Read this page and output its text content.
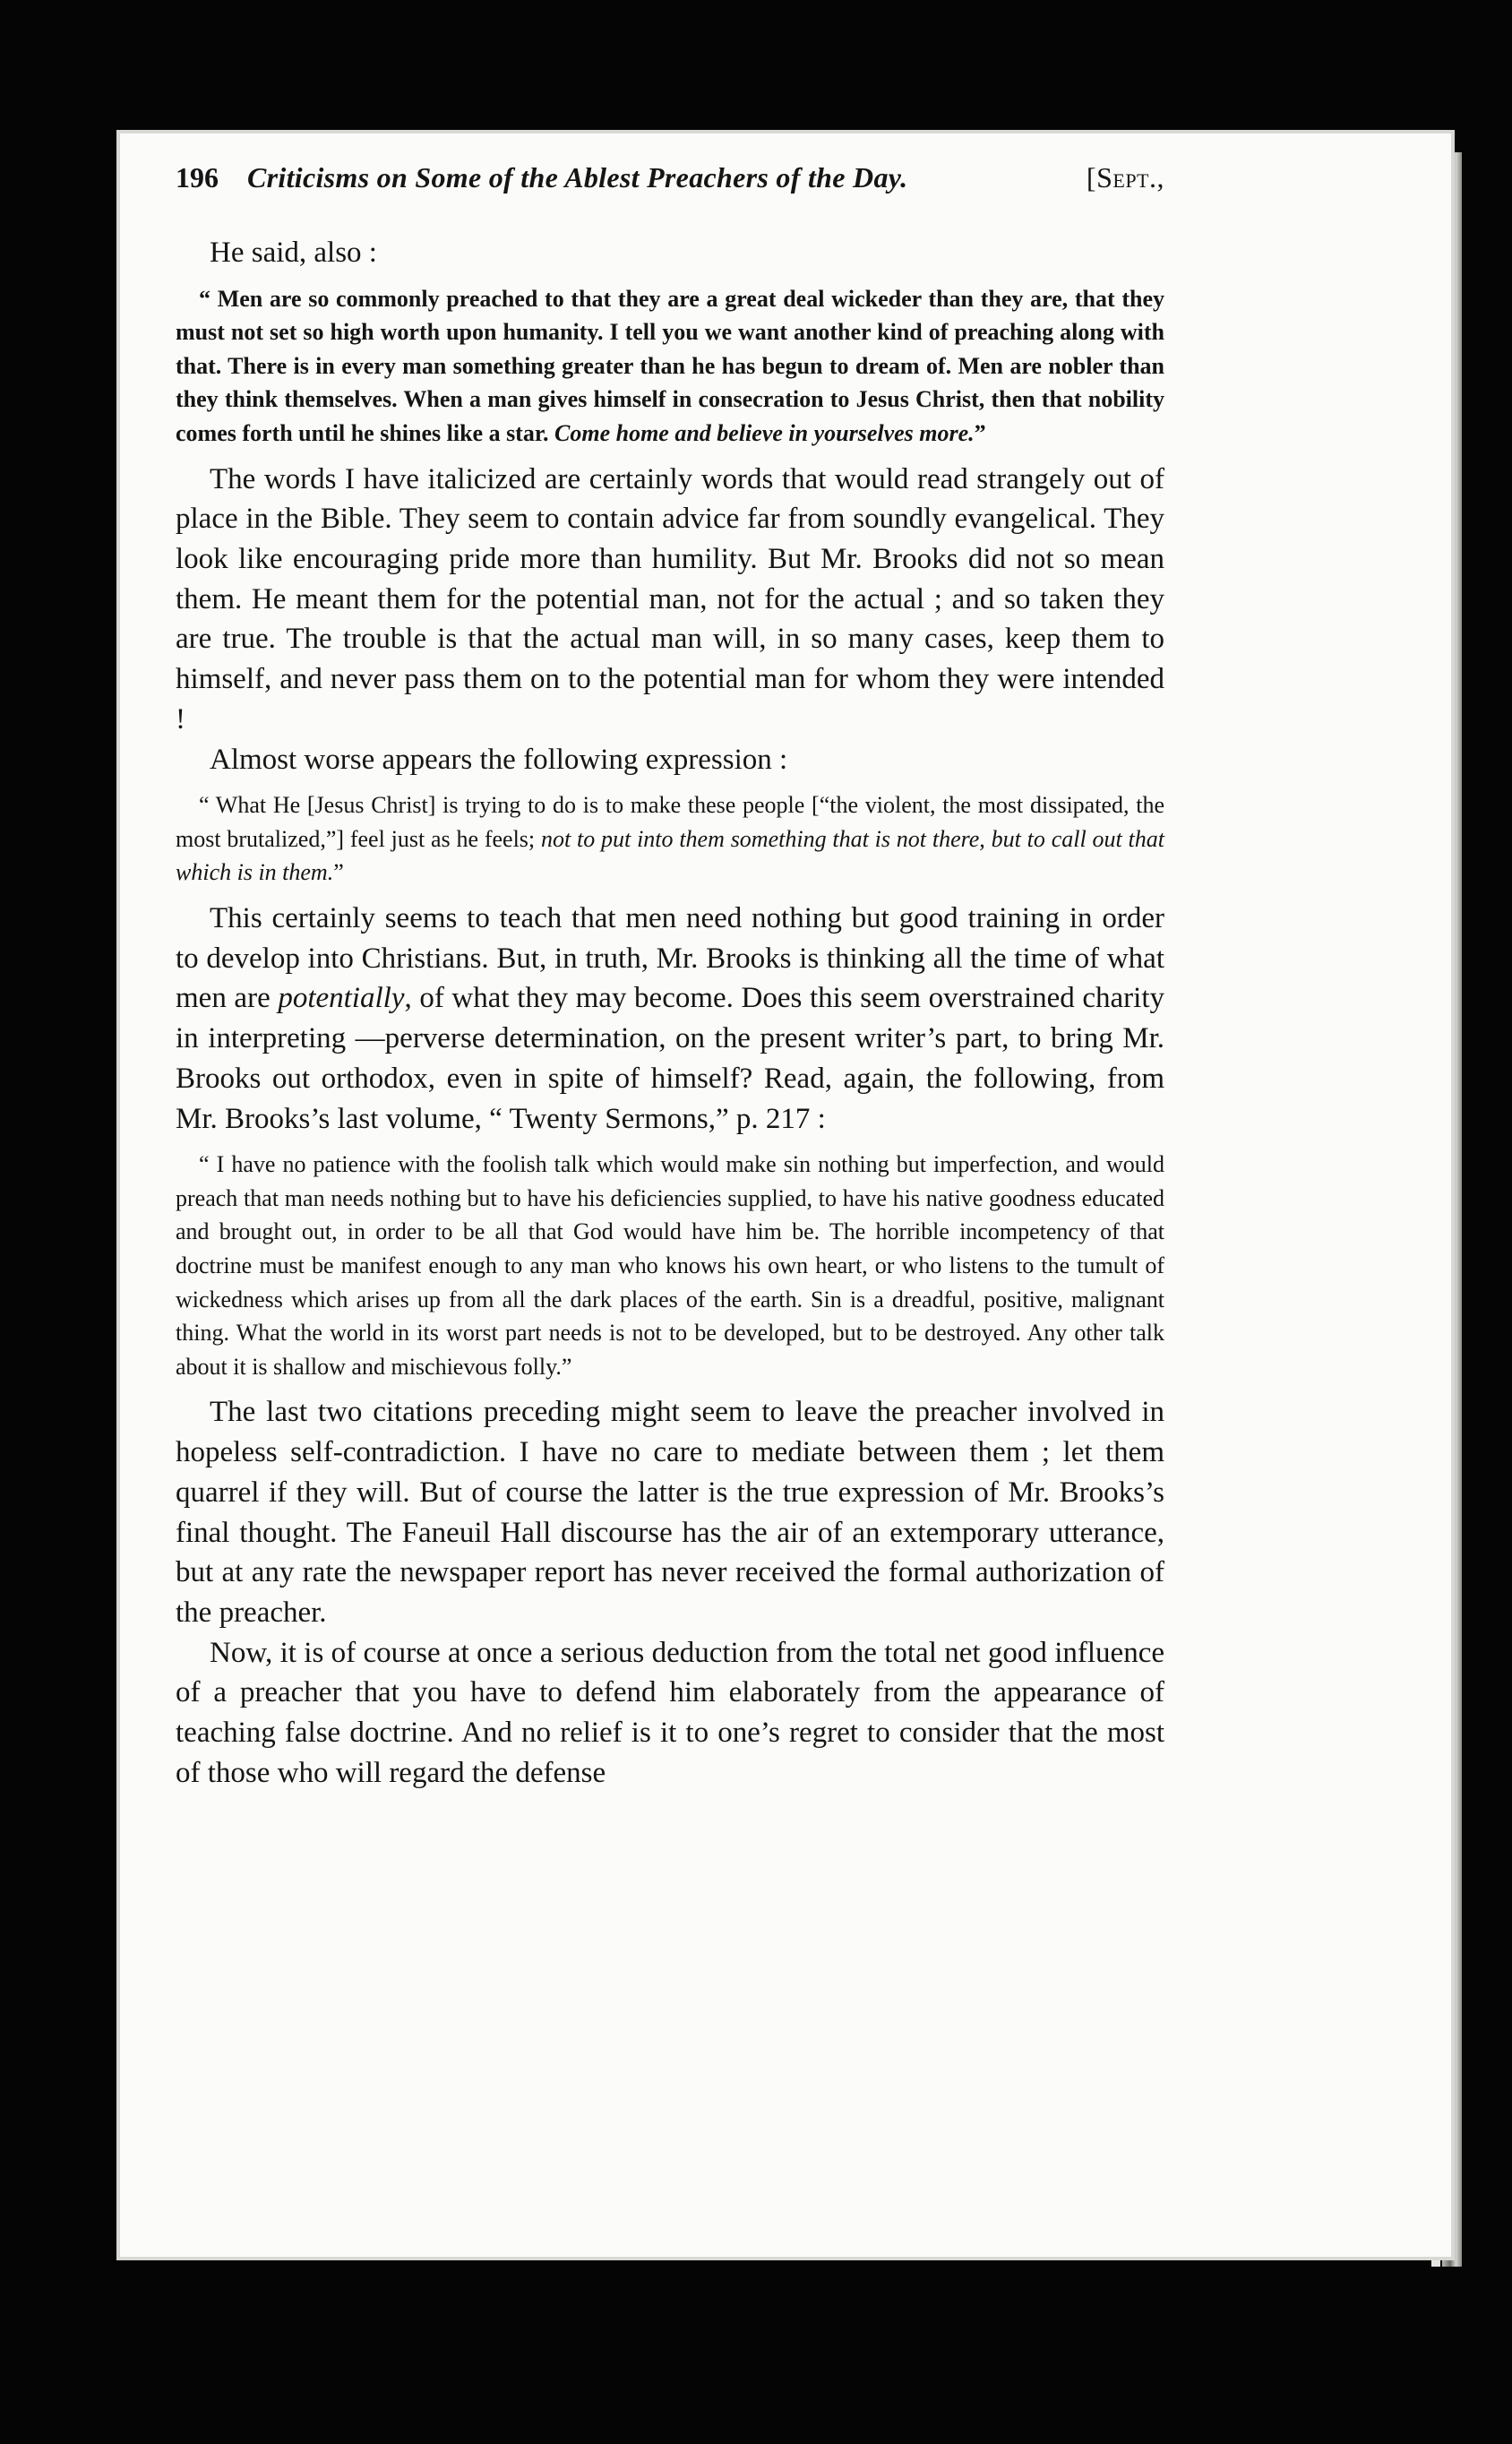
196	Criticisms on Some of the Ablest Preachers of the Day.	[Sept.,

He said, also :

“ Men are so commonly preached to that they are a great deal wickeder than they are, that they must not set so high worth upon humanity. I tell you we want another kind of preaching along with that. There is in every man something greater than he has begun to dream of. Men are nobler than they think themselves. When a man gives himself in consecration to Jesus Christ, then that nobility comes forth until he shines like a star. Come home and believe in yourselves more.”

The words I have italicized are certainly words that would read strangely out of place in the Bible. They seem to contain advice far from soundly evangelical. They look like encouraging pride more than humility. But Mr. Brooks did not so mean them. He meant them for the potential man, not for the actual ; and so taken they are true. The trouble is that the actual man will, in so many cases, keep them to himself, and never pass them on to the potential man for whom they were intended !

Almost worse appears the following expression :

“ What He [Jesus Christ] is trying to do is to make these people [“the violent, the most dissipated, the most brutalized,”] feel just as he feels; not to put into them something that is not there, but to call out that which is in them.”

This certainly seems to teach that men need nothing but good training in order to develop into Christians. But, in truth, Mr. Brooks is thinking all the time of what men are potentially, of what they may become. Does this seem overstrained charity in interpreting —perverse determination, on the present writer’s part, to bring Mr. Brooks out orthodox, even in spite of himself? Read, again, the following, from Mr. Brooks’s last volume, “ Twenty Sermons,” p. 217 :

“ I have no patience with the foolish talk which would make sin nothing but imperfection, and would preach that man needs nothing but to have his deficiencies supplied, to have his native goodness educated and brought out, in order to be all that God would have him be. The horrible incompetency of that doctrine must be manifest enough to any man who knows his own heart, or who listens to the tumult of wickedness which arises up from all the dark places of the earth. Sin is a dreadful, positive, malignant thing. What the world in its worst part needs is not to be developed, but to be destroyed. Any other talk about it is shallow and mischievous folly.”

The last two citations preceding might seem to leave the preacher involved in hopeless self-contradiction. I have no care to mediate between them ; let them quarrel if they will. But of course the latter is the true expression of Mr. Brooks’s final thought. The Faneuil Hall discourse has the air of an extemporary utterance, but at any rate the newspaper report has never received the formal authorization of the preacher.

Now, it is of course at once a serious deduction from the total net good influence of a preacher that you have to defend him elaborately from the appearance of teaching false doctrine. And no relief is it to one’s regret to consider that the most of those who will regard the defense
